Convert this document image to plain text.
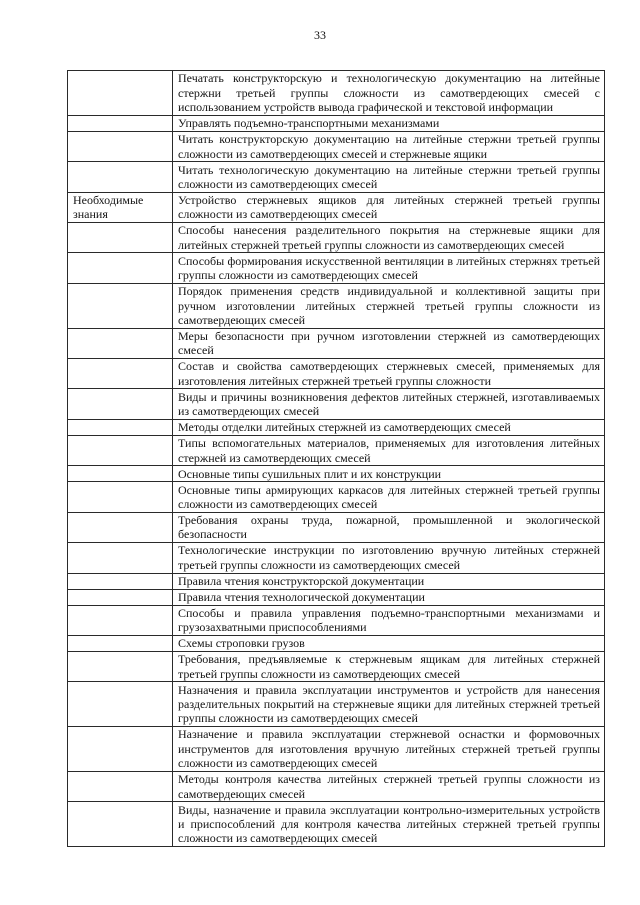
33
	Печатать конструкторскую и технологическую документацию на литейные стержни третьей группы сложности из самотвердеющих смесей с использованием устройств вывода графической и текстовой информации
	Управлять подъемно-транспортными механизмами
	Читать конструкторскую документацию на литейные стержни третьей группы сложности из самотвердеющих смесей и стержневые ящики
	Читать технологическую документацию на литейные стержни третьей группы сложности из самотвердеющих смесей
Необходимые знания	Устройство стержневых ящиков для литейных стержней третьей группы сложности из самотвердеющих смесей
	Способы нанесения разделительного покрытия на стержневые ящики для литейных стержней третьей группы сложности из самотвердеющих смесей
	Способы формирования искусственной вентиляции в литейных стержнях третьей группы сложности из самотвердеющих смесей
	Порядок применения средств индивидуальной и коллективной защиты при ручном изготовлении литейных стержней третьей группы сложности из самотвердеющих смесей
	Меры безопасности при ручном изготовлении стержней из самотвердеющих смесей
	Состав и свойства самотвердеющих стержневых смесей, применяемых для изготовления литейных стержней третьей группы сложности
	Виды и причины возникновения дефектов литейных стержней, изготавливаемых из самотвердеющих смесей
	Методы отделки литейных стержней из самотвердеющих смесей
	Типы вспомогательных материалов, применяемых для изготовления литейных стержней из самотвердеющих смесей
	Основные типы сушильных плит и их конструкции
	Основные типы армирующих каркасов для литейных стержней третьей группы сложности из самотвердеющих смесей
	Требования охраны труда, пожарной, промышленной и экологической безопасности
	Технологические инструкции по изготовлению вручную литейных стержней третьей группы сложности из самотвердеющих смесей
	Правила чтения конструкторской документации
	Правила чтения технологической документации
	Способы и правила управления подъемно-транспортными механизмами и грузозахватными приспособлениями
	Схемы строповки грузов
	Требования, предъявляемые к стержневым ящикам для литейных стержней третьей группы сложности из самотвердеющих смесей
	Назначения и правила эксплуатации инструментов и устройств для нанесения разделительных покрытий на стержневые ящики для литейных стержней третьей группы сложности из самотвердеющих смесей
	Назначение и правила эксплуатации стержневой оснастки и формовочных инструментов для изготовления вручную литейных стержней третьей группы сложности из самотвердеющих смесей
	Методы контроля качества литейных стержней третьей группы сложности из самотвердеющих смесей
	Виды, назначение и правила эксплуатации контрольно-измерительных устройств и приспособлений для контроля качества литейных стержней третьей группы сложности из самотвердеющих смесей
